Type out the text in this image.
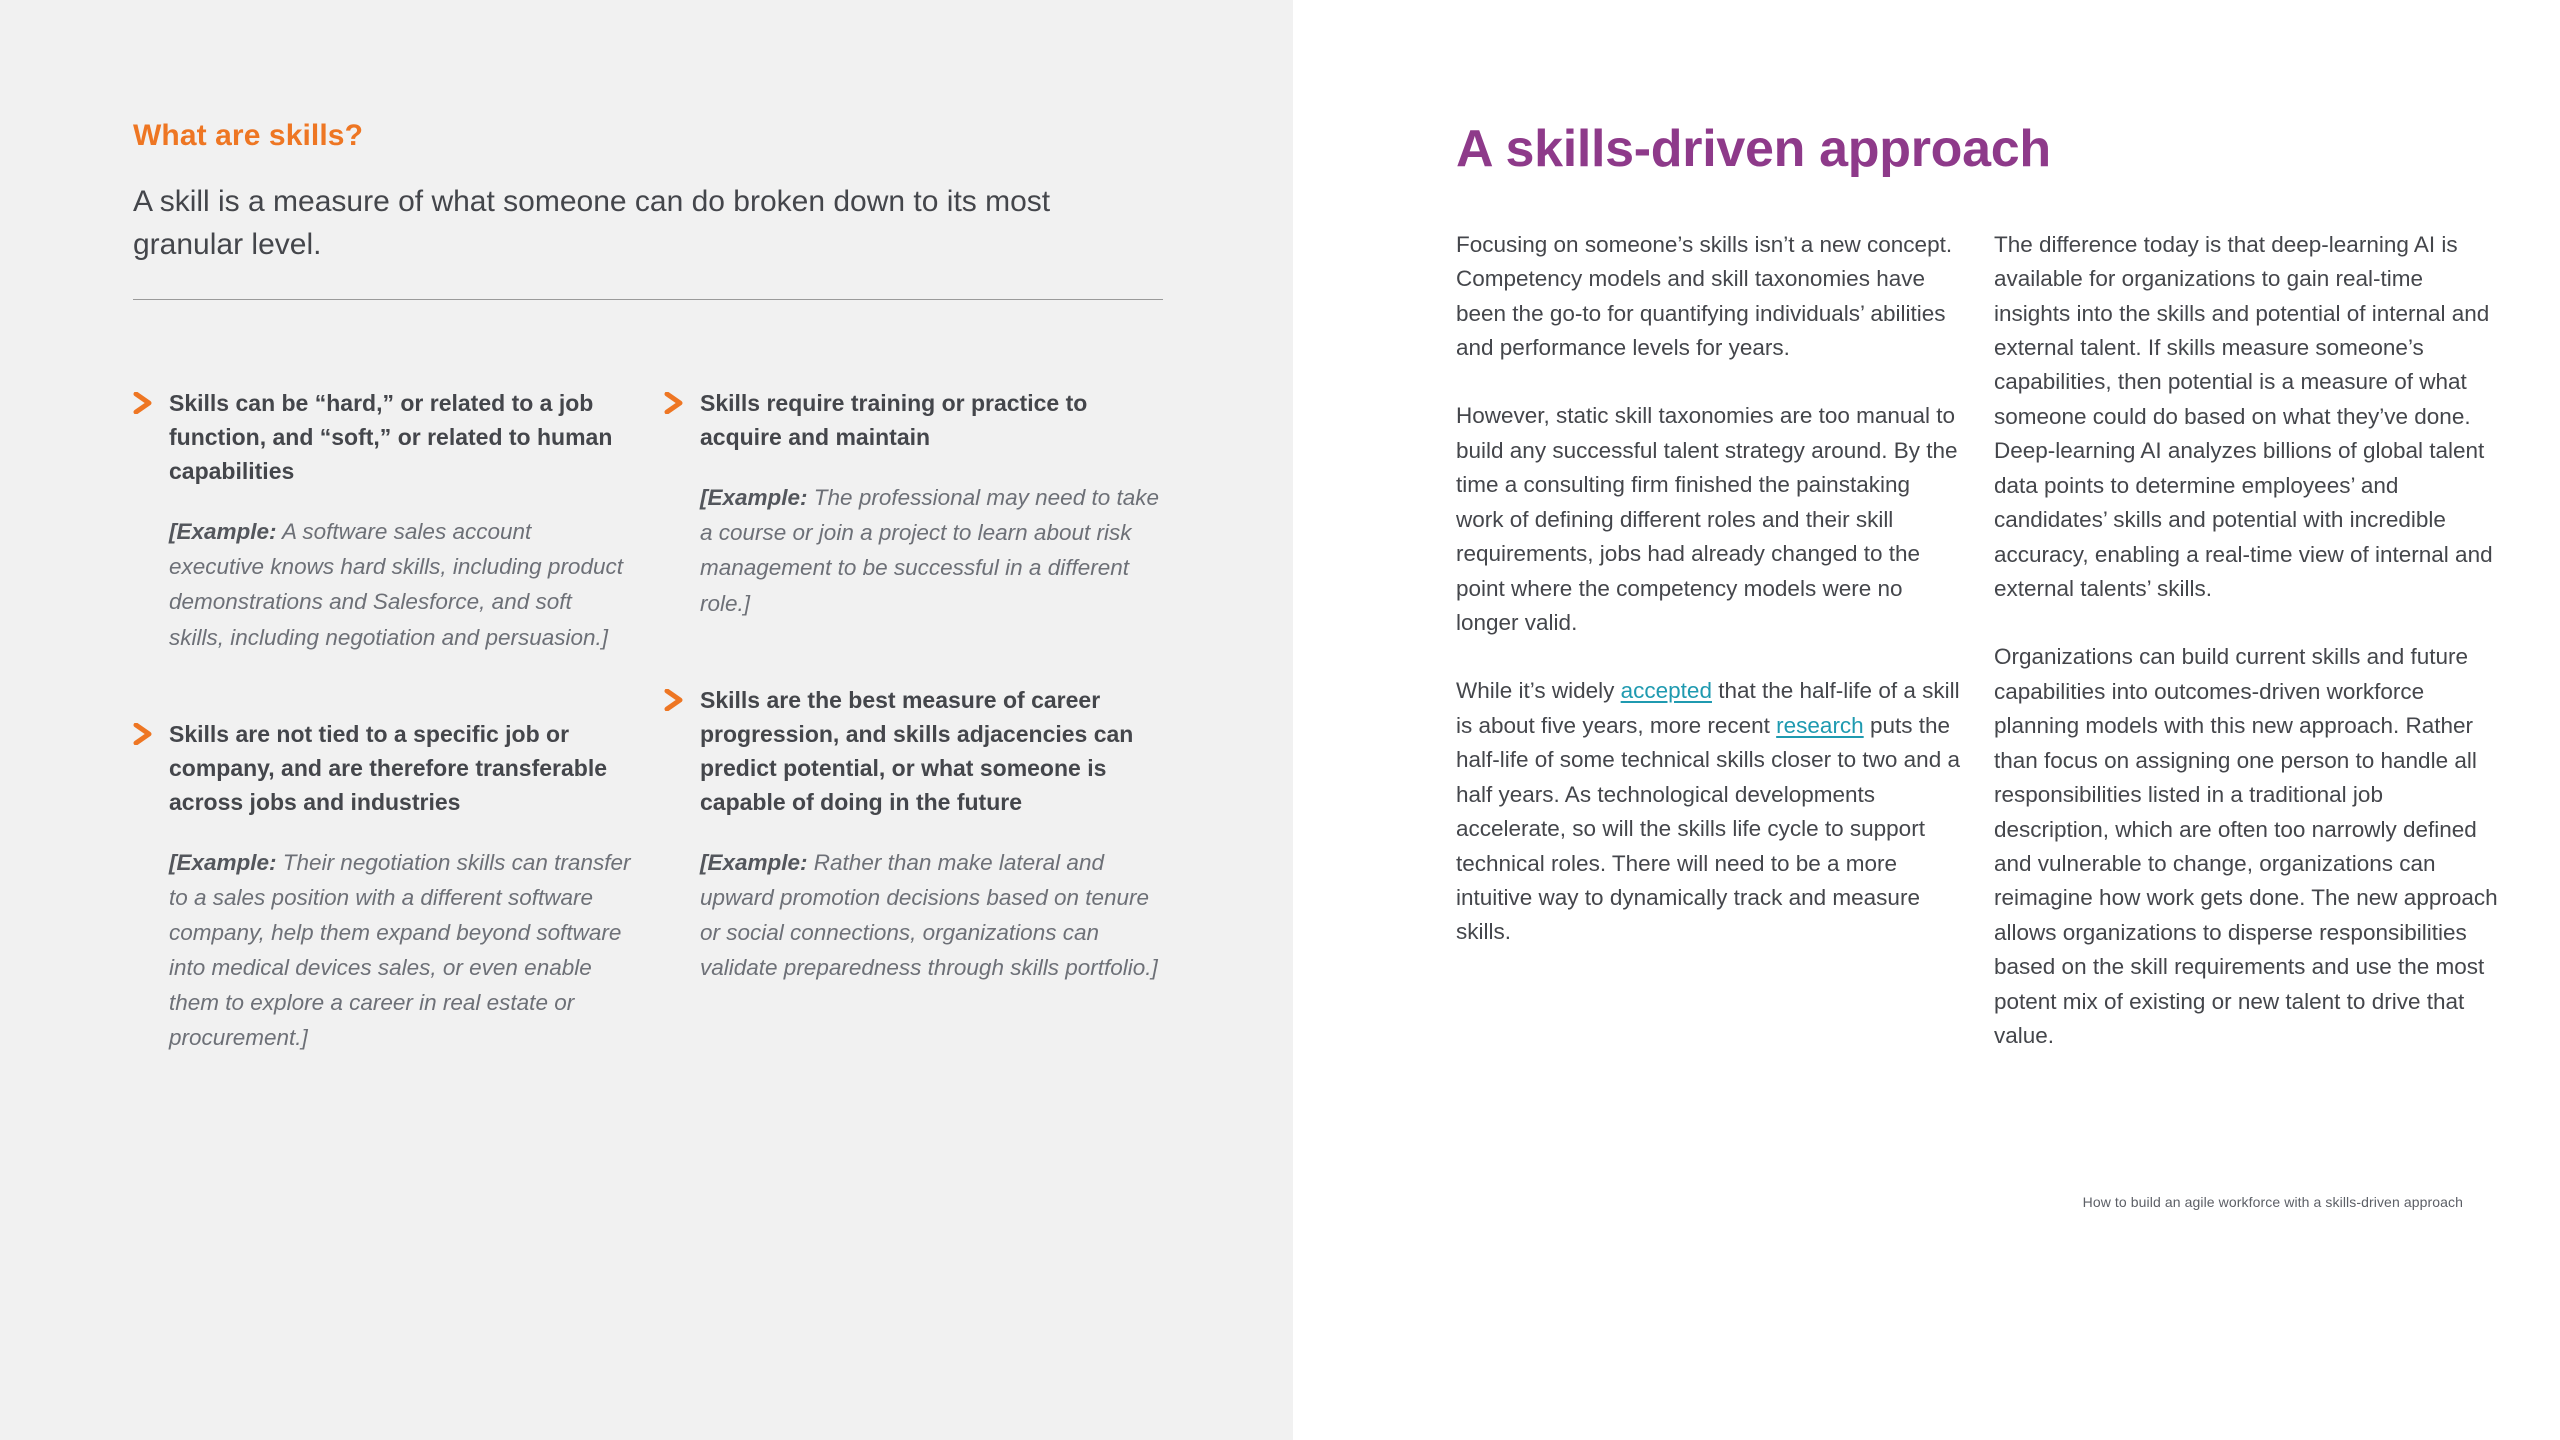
What are skills?

A skill is a measure of what someone can do broken down to its most granular level.

Skills can be “hard,” or related to a job function, and “soft,” or related to human capabilities
[Example: A software sales account executive knows hard skills, including product demonstrations and Salesforce, and soft skills, including negotiation and persuasion.]
Skills are not tied to a specific job or company, and are therefore transferable across jobs and industries
[Example: Their negotiation skills can transfer to a sales position with a different software company, help them expand beyond software into medical devices sales, or even enable them to explore a career in real estate or procurement.]
Skills require training or practice to acquire and maintain
[Example: The professional may need to take a course or join a project to learn about risk management to be successful in a different role.]
Skills are the best measure of career progression, and skills adjacencies can predict potential, or what someone is capable of doing in the future
[Example: Rather than make lateral and upward promotion decisions based on tenure or social connections, organizations can validate preparedness through skills portfolio.]
A skills-driven approach

Focusing on someone’s skills isn’t a new concept. Competency models and skill taxonomies have been the go-to for quantifying individuals’ abilities and performance levels for years.

However, static skill taxonomies are too manual to build any successful talent strategy around. By the time a consulting firm finished the painstaking work of defining different roles and their skill requirements, jobs had already changed to the point where the competency models were no longer valid.

While it’s widely accepted that the half-life of a skill is about five years, more recent research puts the half-life of some technical skills closer to two and a half years. As technological developments accelerate, so will the skills life cycle to support technical roles. There will need to be a more intuitive way to dynamically track and measure skills.

The difference today is that deep-learning AI is available for organizations to gain real-time insights into the skills and potential of internal and external talent. If skills measure someone’s capabilities, then potential is a measure of what someone could do based on what they’ve done. Deep-learning AI analyzes billions of global talent data points to determine employees’ and candidates’ skills and potential with incredible accuracy, enabling a real-time view of internal and external talents’ skills.

Organizations can build current skills and future capabilities into outcomes-driven workforce planning models with this new approach. Rather than focus on assigning one person to handle all responsibilities listed in a traditional job description, which are often too narrowly defined and vulnerable to change, organizations can reimagine how work gets done. The new approach allows organizations to disperse responsibilities based on the skill requirements and use the most potent mix of existing or new talent to drive that value.

How to build an agile workforce with a skills-driven approach
